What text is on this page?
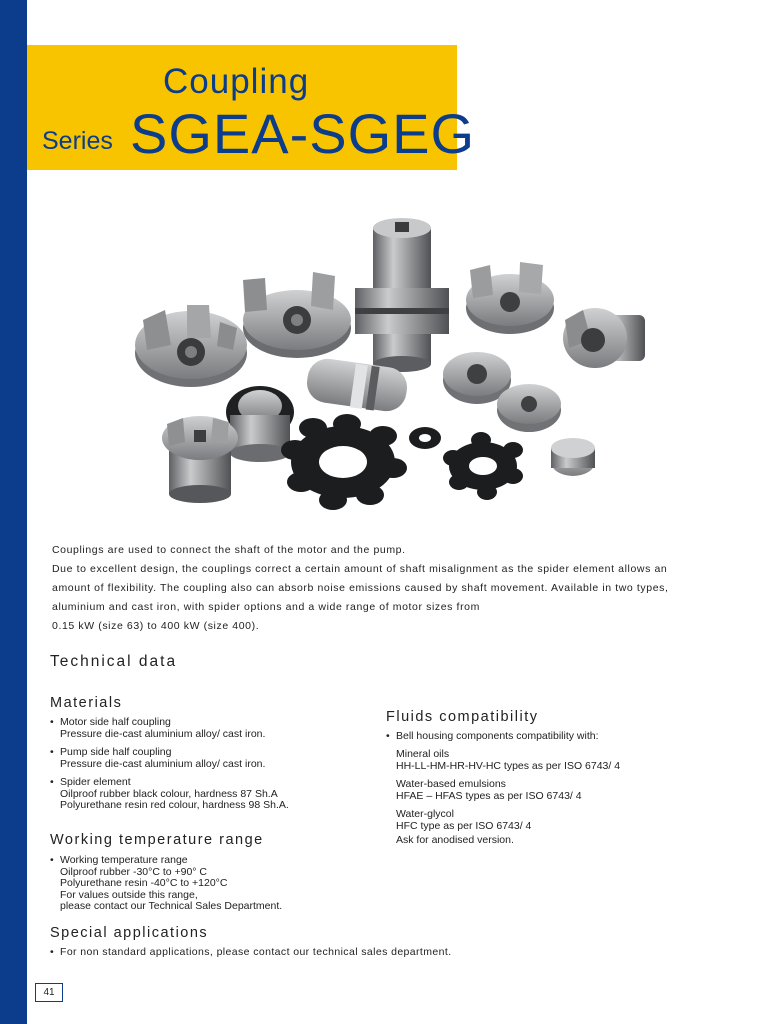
Coupling
Series SGEA-SGEG

Couplings are used to connect the shaft of the motor and the pump.

Due to excellent design, the couplings correct a certain amount of shaft misalignment as the spider element allows an

amount of flexibility. The coupling also can absorb noise emissions caused by shaft movement. Available in two types,

aluminium and cast iron, with spider options and a wide range of motor sizes from

0.15 kW (size 63) to 400 kW (size 400).

Technical data
Materials
• Motor side half coupling
Pressure die-cast aluminium alloy/ cast iron.
• Pump side half coupling
Pressure die-cast aluminium alloy/ cast iron.
• Spider element
Oilproof rubber black colour, hardness 87 Sh.A
Polyurethane resin red colour, hardness 98 Sh.A.
Working temperature range
• Working temperature range
Oilproof rubber -30°C to +90° C
Polyurethane resin -40°C to +120°C
For values outside this range,
please contact our Technical Sales Department.
Special applications
• For non standard applications, please contact our technical sales department.
Fluids compatibility
• Bell housing components compatibility with:
Mineral oils
HH-LL-HM-HR-HV-HC types as per ISO 6743/ 4
Water-based emulsions
HFAE – HFAS types as per ISO 6743/ 4
Water-glycol
HFC type as per ISO 6743/ 4
Ask for anodised version.
41
